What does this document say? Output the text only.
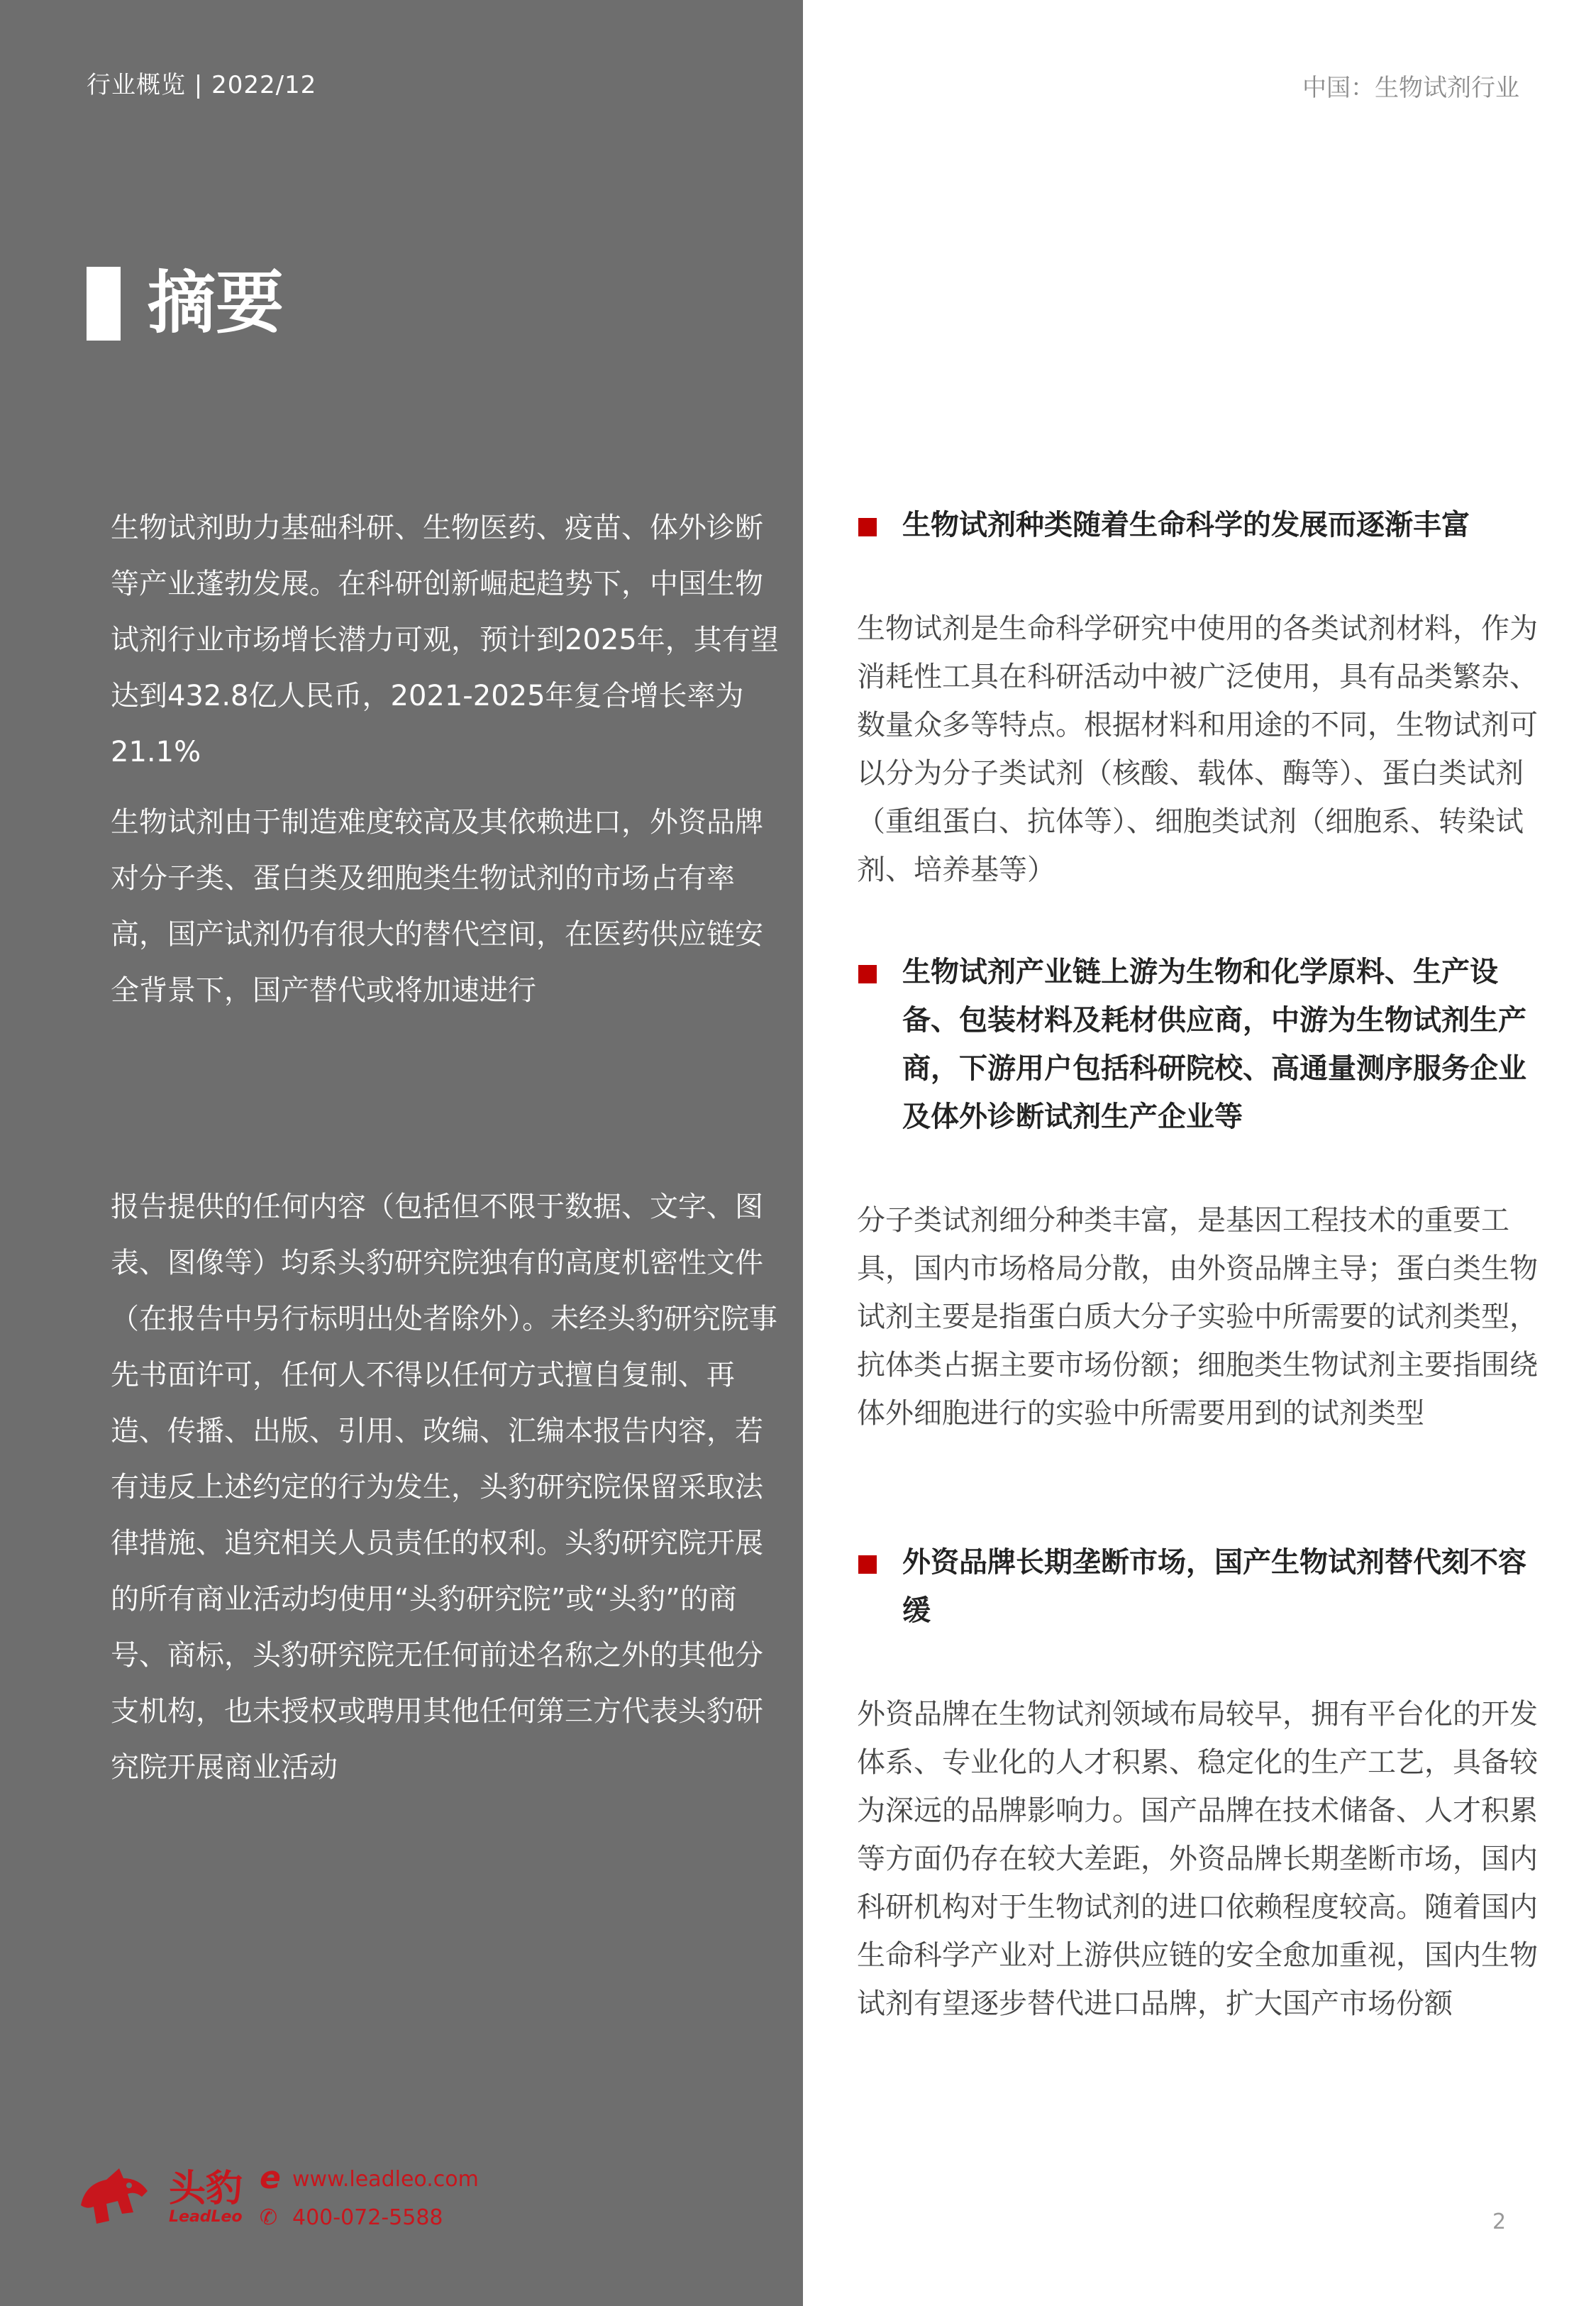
行业概览 | 2022/12	中国：生物试剂行业
摘要

生物试剂助力基础科研、生物医药、疫苗、体外诊断等产业蓬勃发展。在科研创新崛起趋势下，中国生物试剂行业市场增长潜力可观，预计到2025年，其有望达到432.8亿人民币，2021-2025年复合增长率为21.1%

生物试剂由于制造难度较高及其依赖进口，外资品牌对分子类、蛋白类及细胞类生物试剂的市场占有率高，国产试剂仍有很大的替代空间，在医药供应链安全背景下，国产替代或将加速进行

报告提供的任何内容（包括但不限于数据、文字、图表、图像等）均系头豹研究院独有的高度机密性文件（在报告中另行标明出处者除外）。未经头豹研究院事先书面许可，任何人不得以任何方式擅自复制、再造、传播、出版、引用、改编、汇编本报告内容，若有违反上述约定的行为发生，头豹研究院保留采取法律措施、追究相关人员责任的权利。头豹研究院开展的所有商业活动均使用“头豹研究院”或“头豹”的商号、商标，头豹研究院无任何前述名称之外的其他分支机构，也未授权或聘用其他任何第三方代表头豹研究院开展商业活动

生物试剂种类随着生命科学的发展而逐渐丰富

生物试剂是生命科学研究中使用的各类试剂材料，作为消耗性工具在科研活动中被广泛使用，具有品类繁杂、数量众多等特点。根据材料和用途的不同，生物试剂可以分为分子类试剂（核酸、载体、酶等）、蛋白类试剂（重组蛋白、抗体等）、细胞类试剂（细胞系、转染试剂、培养基等）

生物试剂产业链上游为生物和化学原料、生产设备、包装材料及耗材供应商，中游为生物试剂生产商，下游用户包括科研院校、高通量测序服务企业及体外诊断试剂生产企业等

分子类试剂细分种类丰富，是基因工程技术的重要工具，国内市场格局分散，由外资品牌主导；蛋白类生物试剂主要是指蛋白质大分子实验中所需要的试剂类型，抗体类占据主要市场份额；细胞类生物试剂主要指围绕体外细胞进行的实验中所需要用到的试剂类型

外资品牌长期垄断市场，国产生物试剂替代刻不容缓

外资品牌在生物试剂领域布局较早，拥有平台化的开发体系、专业化的人才积累、稳定化的生产工艺，具备较为深远的品牌影响力。国产品牌在技术储备、人才积累等方面仍存在较大差距，外资品牌长期垄断市场，国内科研机构对于生物试剂的进口依赖程度较高。随着国内生命科学产业对上游供应链的安全愈加重视，国内生物试剂有望逐步替代进口品牌，扩大国产市场份额

头豹
LeadLeo
e www.leadleo.com
✆ 400-072-5588	2
